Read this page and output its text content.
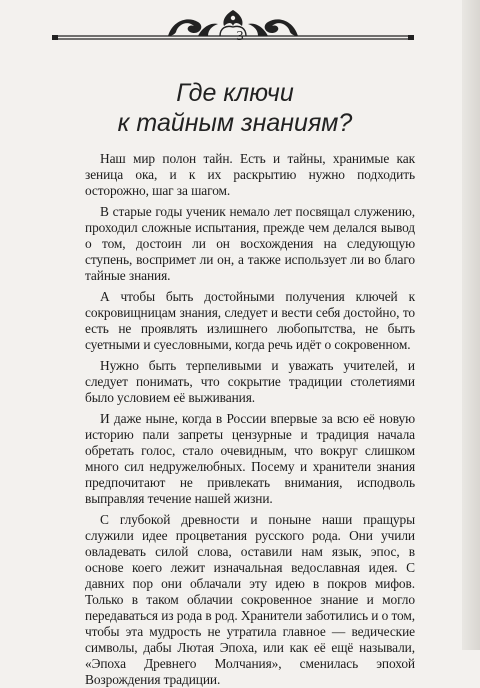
3
Где ключи
к тайным знаниям?

Наш мир полон тайн. Есть и тайны, хранимые как зеница ока, и к их раскрытию нужно подходить осторожно, шаг за шагом.

В старые годы ученик немало лет посвящал служению, проходил сложные испытания, прежде чем делался вывод о том, достоин ли он восхождения на следующую ступень, воспримет ли он, а также использует ли во благо тайные знания.

А чтобы быть достойными получения ключей к сокровищницам знания, следует и вести себя достойно, то есть не проявлять излишнего любопытства, не быть суетными и суесловными, когда речь идёт о сокровенном.

Нужно быть терпеливыми и уважать учителей, и следует понимать, что сокрытие традиции столетиями было условием её выживания.

И даже ныне, когда в России впервые за всю её новую историю пали запреты цензурные и традиция начала обретать голос, стало очевидным, что вокруг слишком много сил недружелюбных. Посему и хранители знания предпочитают не привлекать внимания, исподволь выправляя течение нашей жизни.

С глубокой древности и поныне наши пращуры служили идее процветания русского рода. Они учили овладевать силой слова, оставили нам язык, эпос, в основе коего лежит изначальная ведославная идея. С давних пор они облачали эту идею в покров мифов. Только в таком облачии сокровенное знание и могло передаваться из рода в род. Хранители заботились и о том, чтобы эта мудрость не утратила главное — ведические символы, дабы Лютая Эпоха, или как её ещё называли, «Эпоха Древнего Молчания», сменилась эпохой Возрождения традиции.
